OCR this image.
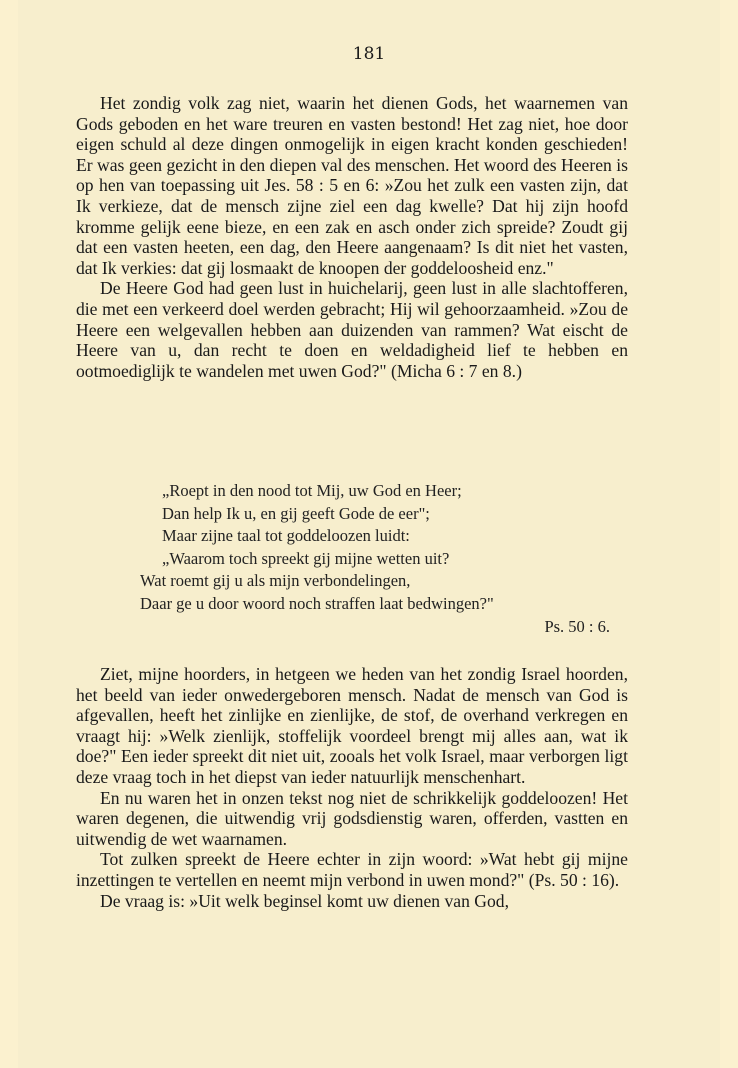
181

Het zondig volk zag niet, waarin het dienen Gods, het waarnemen van Gods geboden en het ware treuren en vasten bestond! Het zag niet, hoe door eigen schuld al deze dingen onmogelijk in eigen kracht konden geschieden! Er was geen gezicht in den diepen val des menschen. Het woord des Heeren is op hen van toepassing uit Jes. 58 : 5 en 6: »Zou het zulk een vasten zijn, dat Ik verkieze, dat de mensch zijne ziel een dag kwelle? Dat hij zijn hoofd kromme gelijk eene bieze, en een zak en asch onder zich spreide? Zoudt gij dat een vasten heeten, een dag, den Heere aangenaam? Is dit niet het vasten, dat Ik verkies: dat gij losmaakt de knoopen der goddeloosheid enz."

De Heere God had geen lust in huichelarij, geen lust in alle slachtofferen, die met een verkeerd doel werden gebracht; Hij wil gehoorzaamheid. »Zou de Heere een welgevallen hebben aan duizenden van rammen? Wat eischt de Heere van u, dan recht te doen en weldadigheid lief te hebben en ootmoediglijk te wandelen met uwen God?" (Micha 6 : 7 en 8.)

„Roept in den nood tot Mij, uw God en Heer;
Dan help Ik u, en gij geeft Gode de eer";
Maar zijne taal tot goddeloozen luidt:
„Waarom toch spreekt gij mijne wetten uit?
Wat roemt gij u als mijn verbondelingen,
Daar ge u door woord noch straffen laat bedwingen?"
Ps. 50 : 6.

Ziet, mijne hoorders, in hetgeen we heden van het zondig Israel hoorden, het beeld van ieder onwedergeboren mensch. Nadat de mensch van God is afgevallen, heeft het zinlijke en zienlijke, de stof, de overhand verkregen en vraagt hij: »Welk zienlijk, stoffelijk voordeel brengt mij alles aan, wat ik doe?" Een ieder spreekt dit niet uit, zooals het volk Israel, maar verborgen ligt deze vraag toch in het diepst van ieder natuurlijk menschenhart.

En nu waren het in onzen tekst nog niet de schrikkelijk goddeloozen! Het waren degenen, die uitwendig vrij godsdienstig waren, offerden, vastten en uitwendig de wet waarnamen.

Tot zulken spreekt de Heere echter in zijn woord: »Wat hebt gij mijne inzettingen te vertellen en neemt mijn verbond in uwen mond?" (Ps. 50 : 16).

De vraag is: »Uit welk beginsel komt uw dienen van God,
